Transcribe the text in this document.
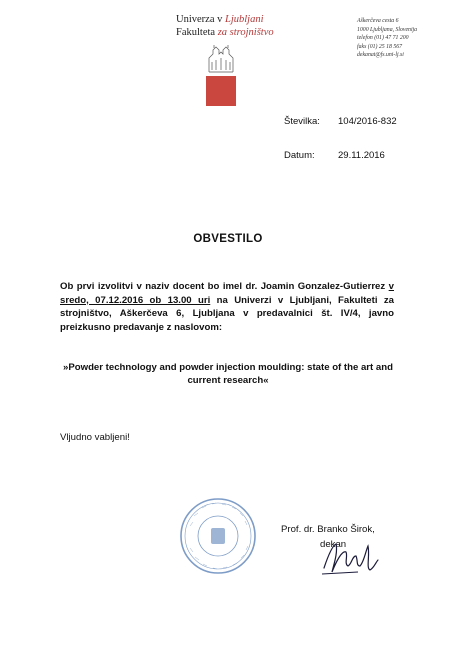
Univerza v Ljubljani
Fakulteta za strojništvo
Aškerčeva cesta 6
1000 Ljubljana, Slovenija
telefon (01) 47 71 200
faks (01) 25 18 567
dekanat@fs.uni-lj.si
Številka: 104/2016-832
Datum: 29.11.2016
OBVESTILO
Ob prvi izvolitvi v naziv docent bo imel dr. Joamin Gonzalez-Gutierrez v sredo, 07.12.2016 ob 13.00 uri na Univerzi v Ljubljani, Fakulteti za strojništvo, Aškerčeva 6, Ljubljana v predavalnici št. IV/4, javno preizkusno predavanje z naslovom:
»Powder technology and powder injection moulding: state of the art and current research«
Vljudno vabljeni!
Prof. dr. Branko Širok,
dekan
